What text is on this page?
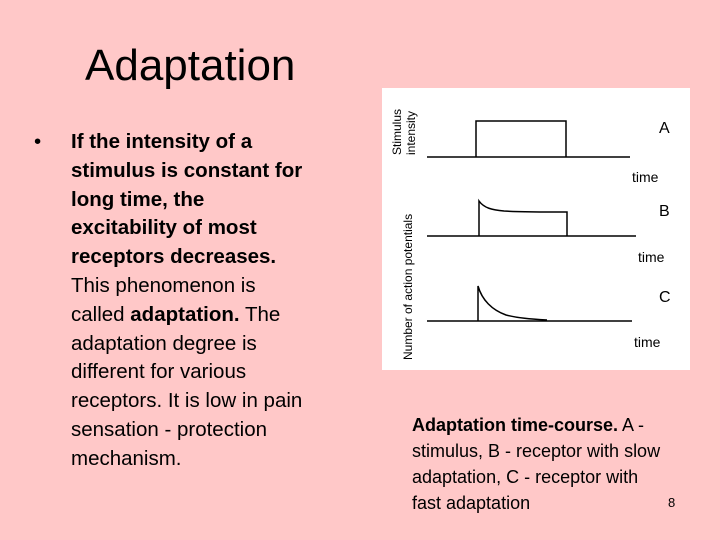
Adaptation
• If the intensity of a
stimulus is constant for
long time, the
excitability of most
receptors decreases.
This phenomenon is
called adaptation. The
adaptation degree is
different for various
receptors. It is low in pain
sensation - protection
mechanism.
Stimulus intensity
Number of action potentials
A
time
B
time
C
time
Adaptation time-course. A -
stimulus, B - receptor with slow
adaptation, C - receptor with
fast adaptation	8
